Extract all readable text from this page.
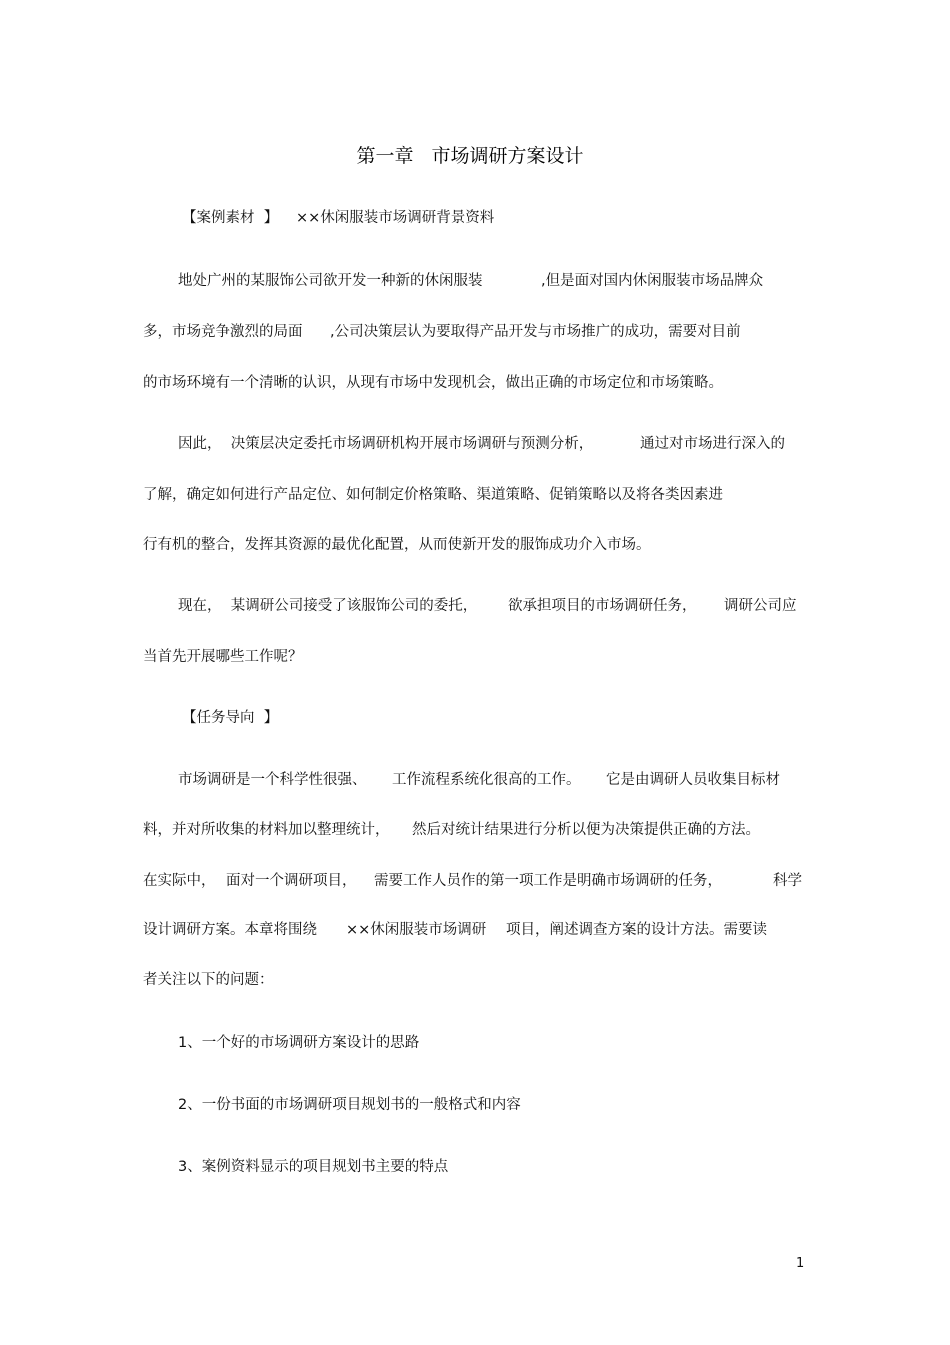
第一章   市场调研方案设计
【案例素材  】 ××休闲服装市场调研背景资料
地处广州的某服饰公司欲开发一种新的休闲服装	,但是面对国内休闲服装市场品牌众
多，市场竞争激烈的局面 ,公司决策层认为要取得产品开发与市场推广的成功，需要对目前
的市场环境有一个清晰的认识，从现有市场中发现机会，做出正确的市场定位和市场策略。
因此，  决策层决定委托市场调研机构开展市场调研与预测分析，	通过对市场进行深入的
了解，确定如何进行产品定位、如何制定价格策略、渠道策略、促销策略以及将各类因素进
行有机的整合，发挥其资源的最优化配置，从而使新开发的服饰成功介入市场。
现在，  某调研公司接受了该服饰公司的委托， 欲承担项目的市场调研任务， 调研公司应
当首先开展哪些工作呢？
【任务导向  】
市场调研是一个科学性很强、 工作流程系统化很高的工作。 它是由调研人员收集目标材
料，并对所收集的材料加以整理统计， 然后对统计结果进行分析以便为决策提供正确的方法。
在实际中， 面对一个调研项目， 需要工作人员作的第一项工作是明确市场调研的任务，	科学
设计调研方案。本章将围绕 ××休闲服装市场调研 项目，阐述调查方案的设计方法。需要读
者关注以下的问题：
1、一个好的市场调研方案设计的思路
2、一份书面的市场调研项目规划书的一般格式和内容
3、案例资料显示的项目规划书主要的特点
1
